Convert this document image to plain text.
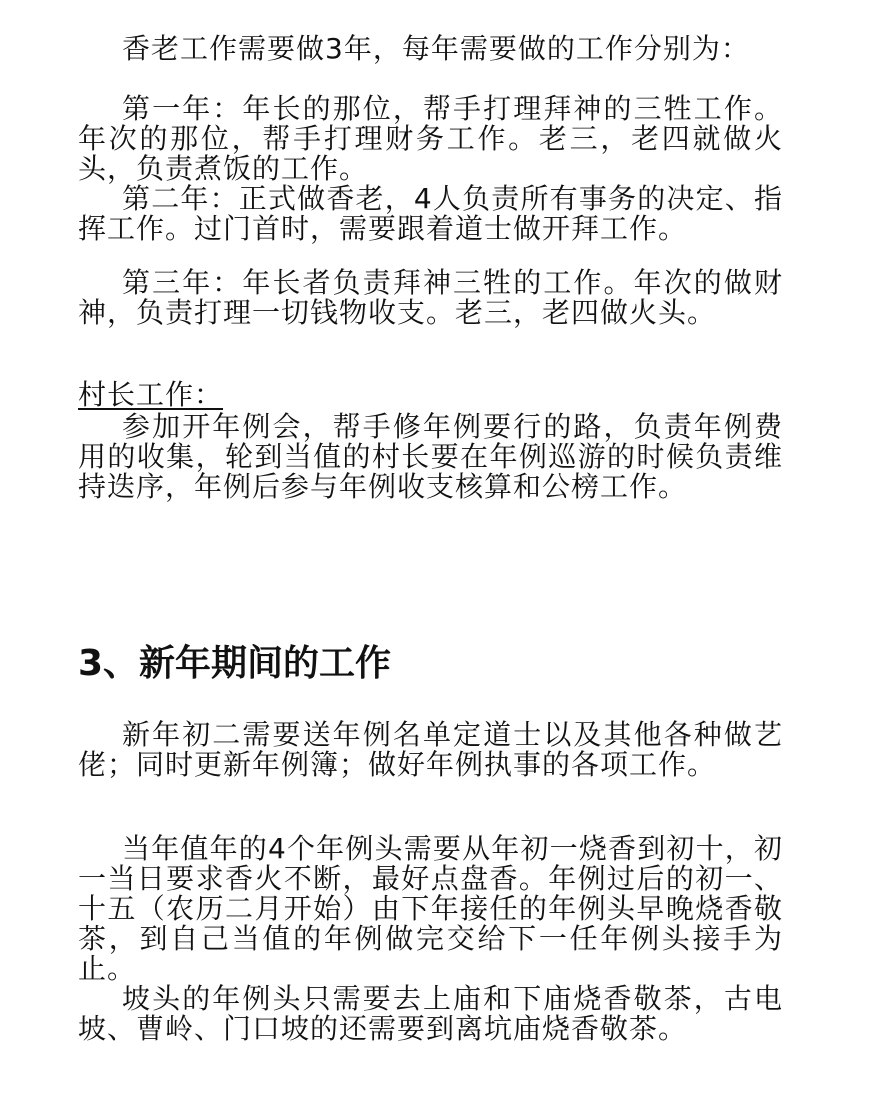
香老工作需要做3年，每年需要做的工作分别为：

第一年：年长的那位，帮手打理拜神的三牲工作。年次的那位，帮手打理财务工作。老三，老四就做火头，负责煮饭的工作。

第二年：正式做香老，4人负责所有事务的决定、指挥工作。过门首时，需要跟着道士做开拜工作。

第三年：年长者负责拜神三牲的工作。年次的做财神，负责打理一切钱物收支。老三，老四做火头。

村长工作：

参加开年例会，帮手修年例要行的路，负责年例费用的收集，轮到当值的村长要在年例巡游的时候负责维持迭序，年例后参与年例收支核算和公榜工作。

3、新年期间的工作

新年初二需要送年例名单定道士以及其他各种做艺佬；同时更新年例簿；做好年例执事的各项工作。

当年值年的4个年例头需要从年初一烧香到初十，初一当日要求香火不断，最好点盘香。年例过后的初一、十五（农历二月开始）由下年接任的年例头早晚烧香敬茶，到自己当值的年例做完交给下一任年例头接手为止。

坡头的年例头只需要去上庙和下庙烧香敬茶，古电坡、曹岭、门口坡的还需要到离坑庙烧香敬茶。
